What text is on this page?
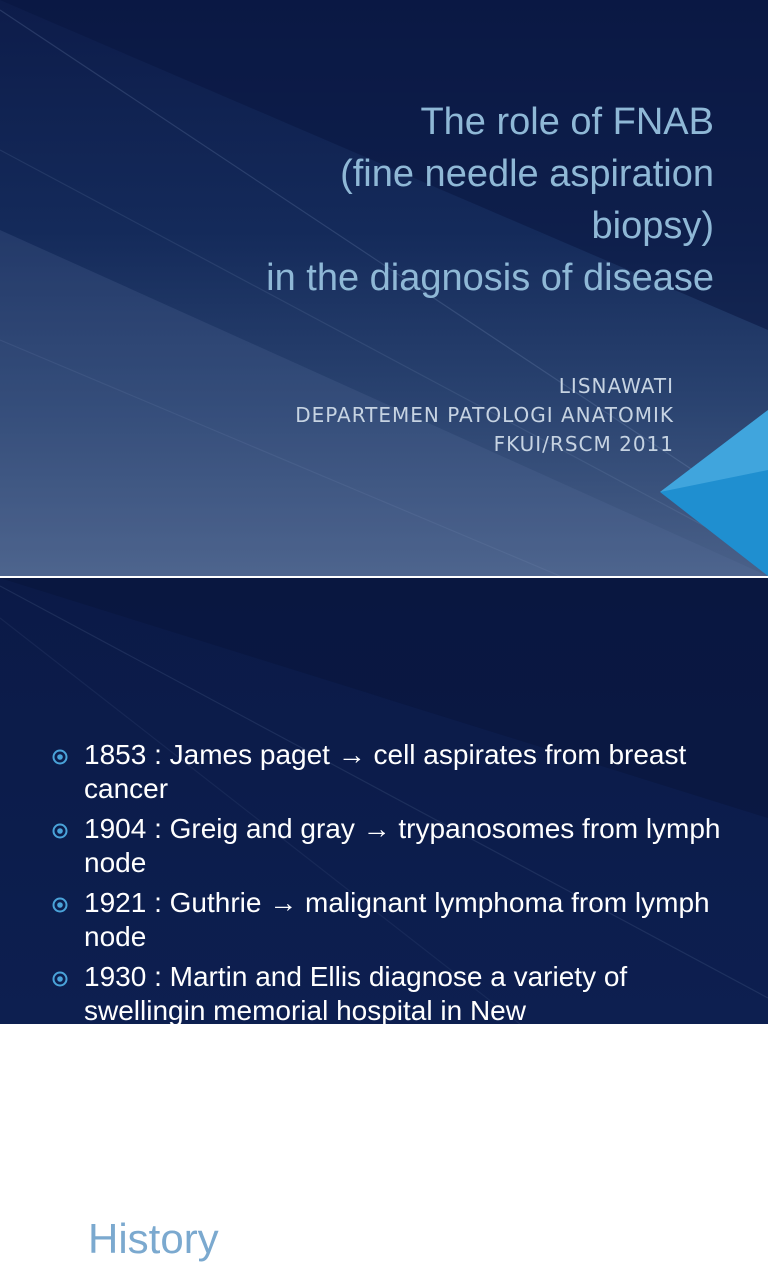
The role of FNAB
(fine needle aspiration
biopsy)
in the diagnosis of disease
LISNAWATI
DEPARTEMEN PATOLOGI ANATOMIK
FKUI/RSCM 2011
History
1853 : James paget → cell aspirates from breast cancer
1904 : Greig and gray → trypanosomes from lymph node
1921 : Guthrie → malignant lymphoma from lymph node
1930 : Martin and Ellis diagnose a variety of swellingin memorial hospital in New
